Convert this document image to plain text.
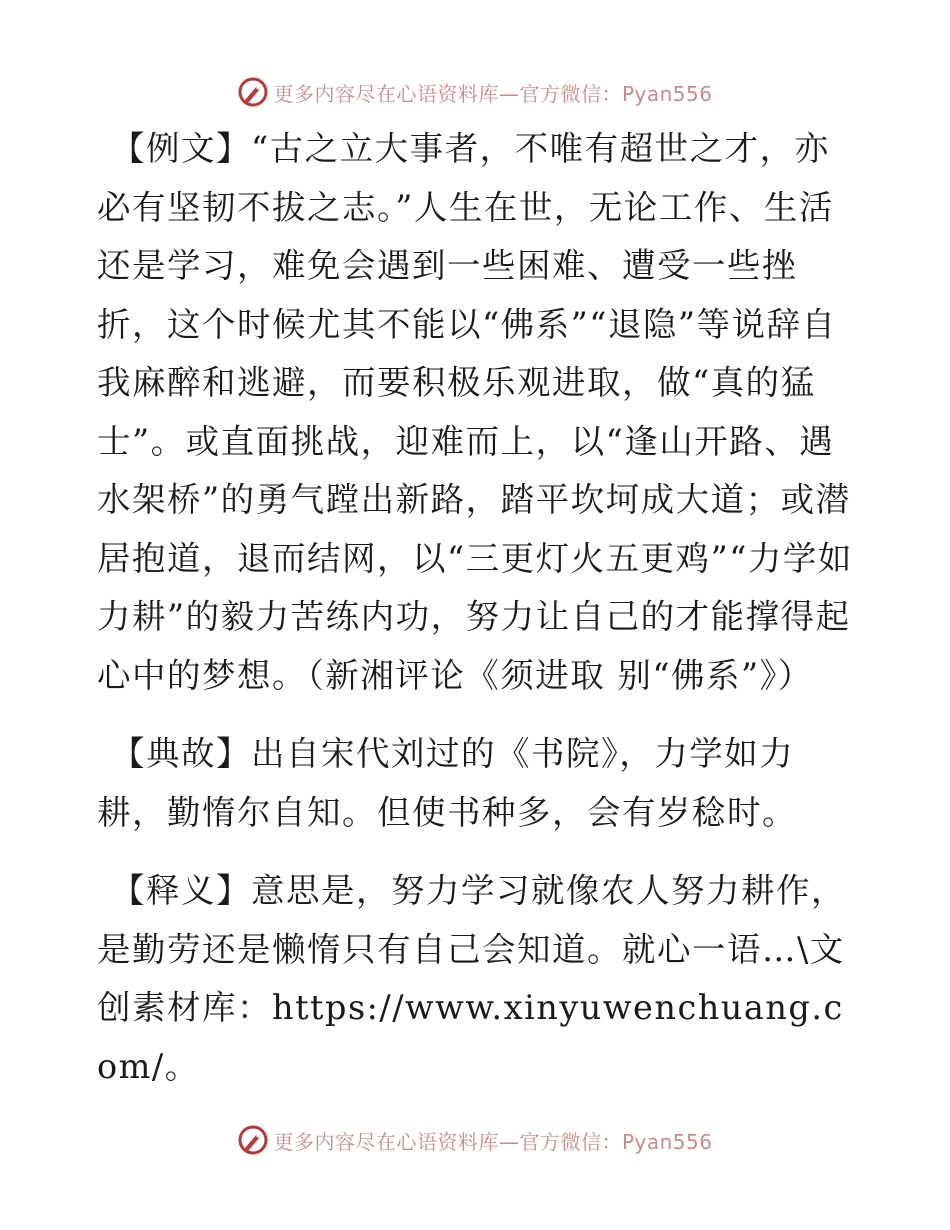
更多内容尽在心语资料库—官方微信：Pyan556

【例文】“古之立大事者，不唯有超世之才，亦必有坚韧不拔之志。”人生在世，无论工作、生活还是学习，难免会遇到一些困难、遭受一些挫折，这个时候尤其不能以“佛系”“退隐”等说辞自我麻醉和逃避，而要积极乐观进取，做“真的猛士”。或直面挑战，迎难而上，以“逢山开路、遇水架桥”的勇气蹚出新路，踏平坎坷成大道；或潜居抱道，退而结网，以“三更灯火五更鸡”“力学如力耕”的毅力苦练内功，努力让自己的才能撑得起心中的梦想。（新湘评论《须进取 别“佛系”》）

【典故】出自宋代刘过的《书院》，力学如力耕，勤惰尔自知。但使书种多，会有岁稔时。

【释义】意思是，努力学习就像农人努力耕作，是勤劳还是懒惰只有自己会知道。就心一语…\文创素材库：https://www.xinyuwenchuang.com/。

更多内容尽在心语资料库—官方微信：Pyan556
